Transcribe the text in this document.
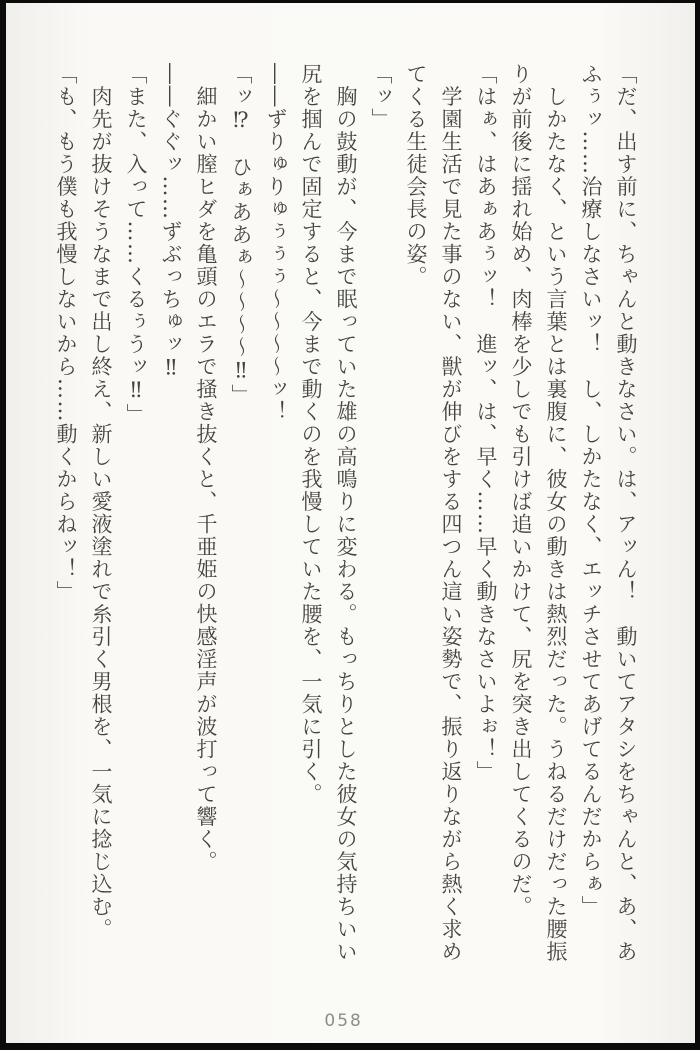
「だ、出す前に、ちゃんと動きなさい。は、アッん！　動いてアタシをちゃんと、あ、あ

ふぅッ……治療しなさいッ！　し、しかたなく、エッチさせてあげてるんだからぁ」

　しかたなく、という言葉とは裏腹に、彼女の動きは熱烈だった。うねるだけだった腰振

りが前後に揺れ始め、肉棒を少しでも引けば追いかけて、尻を突き出してくるのだ。

「はぁ、はあぁあぅッ！　進ッ、は、早く……早く動きなさいよぉ！」

　学園生活で見た事のない、獣が伸びをする四つん這い姿勢で、振り返りながら熱く求め

てくる生徒会長の姿。

「ッ」

　胸の鼓動が、今まで眠っていた雄の高鳴りに変わる。もっちりとした彼女の気持ちいい

尻を掴んで固定すると、今まで動くのを我慢していた腰を、一気に引く。

――ずりゅりゅぅぅぅ〜〜〜〜ッ！

「ッ⁉　ひぁああぁ〜〜〜〜‼」

　細かい膣ヒダを亀頭のエラで掻き抜くと、千亜姫の快感淫声が波打って響く。

――ぐぐッ……ずぶっちゅッ‼

「また、入って……くるぅうッ‼」

　肉先が抜けそうなまで出し終え、新しい愛液塗れで糸引く男根を、一気に捻じ込む。

「も、もう僕も我慢しないから……動くからねッ！」

058
